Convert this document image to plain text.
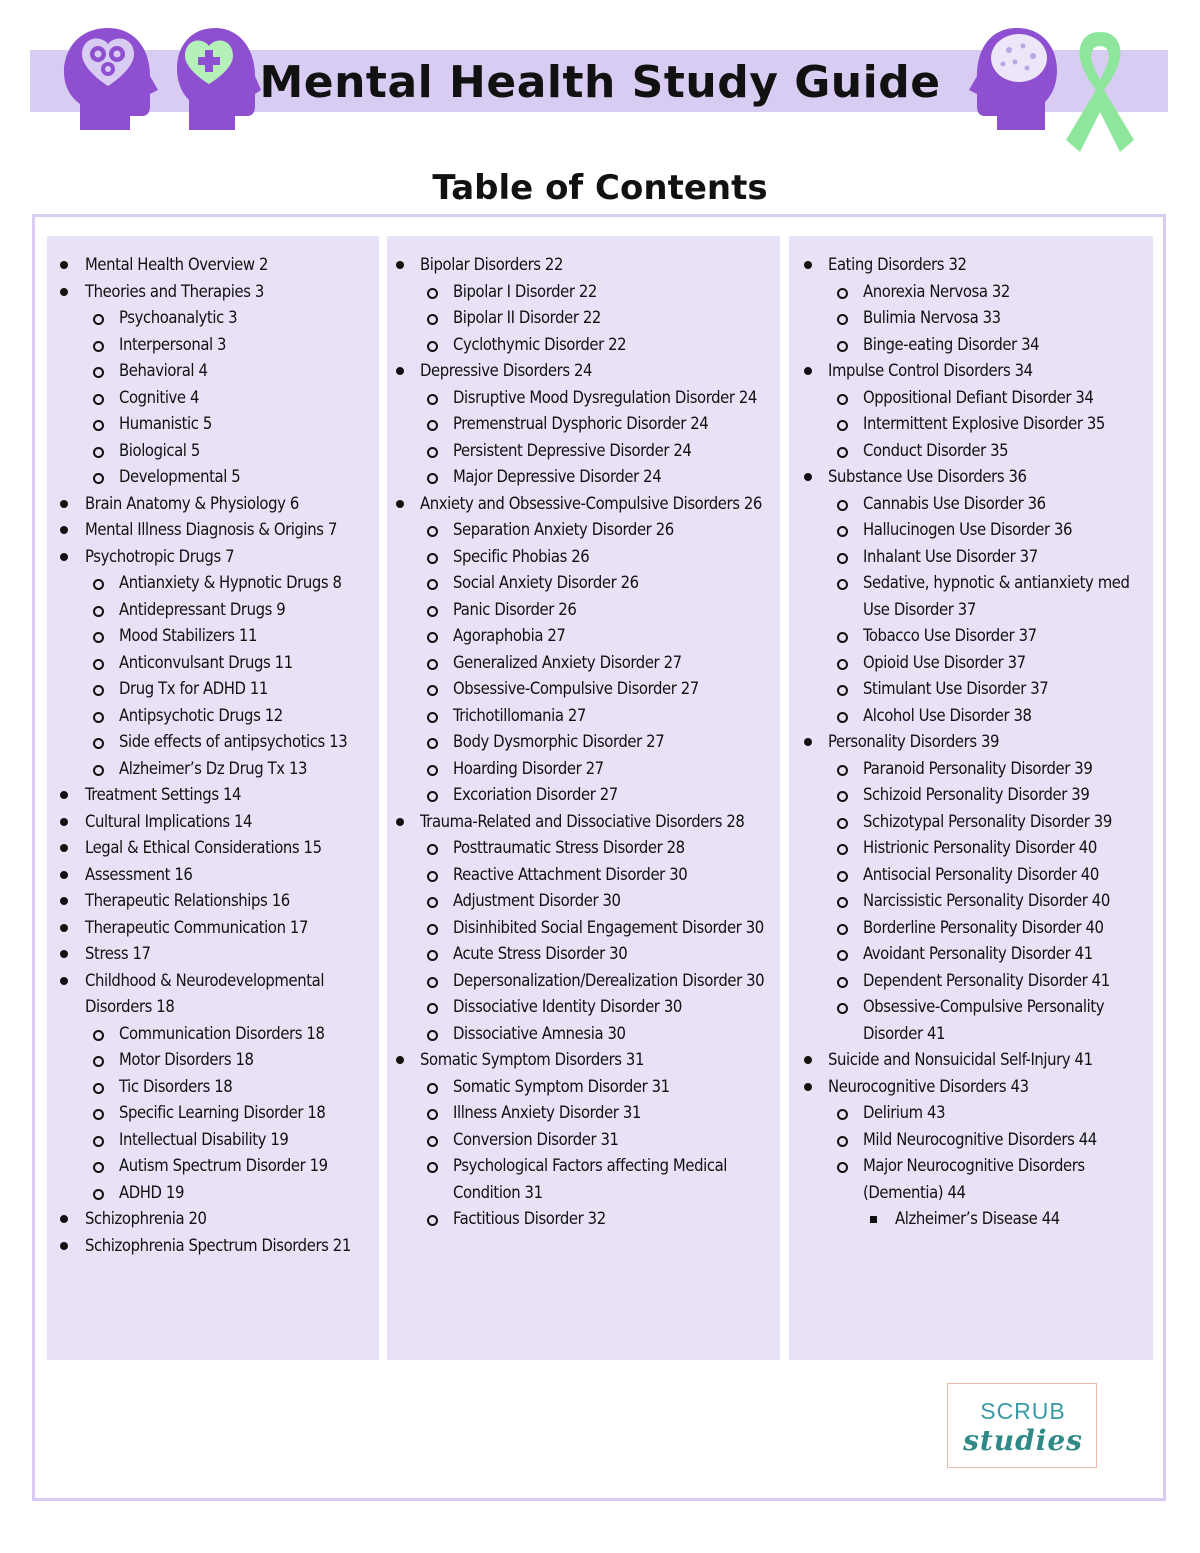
Mental Health Study Guide
Table of Contents
Mental Health Overview 2
Theories and Therapies 3
Psychoanalytic 3
Interpersonal 3
Behavioral 4
Cognitive 4
Humanistic 5
Biological 5
Developmental 5
Brain Anatomy & Physiology 6
Mental Illness Diagnosis & Origins 7
Psychotropic Drugs 7
Antianxiety & Hypnotic Drugs 8
Antidepressant Drugs 9
Mood Stabilizers 11
Anticonvulsant Drugs 11
Drug Tx for ADHD 11
Antipsychotic Drugs 12
Side effects of antipsychotics 13
Alzheimer’s Dz Drug Tx 13
Treatment Settings 14
Cultural Implications 14
Legal & Ethical Considerations 15
Assessment 16
Therapeutic Relationships 16
Therapeutic Communication 17
Stress 17
Childhood & Neurodevelopmental Disorders 18
Communication Disorders 18
Motor Disorders 18
Tic Disorders 18
Specific Learning Disorder 18
Intellectual Disability 19
Autism Spectrum Disorder 19
ADHD 19
Schizophrenia 20
Schizophrenia Spectrum Disorders 21
Bipolar Disorders 22
Bipolar I Disorder 22
Bipolar II Disorder 22
Cyclothymic Disorder 22
Depressive Disorders 24
Disruptive Mood Dysregulation Disorder 24
Premenstrual Dysphoric Disorder 24
Persistent Depressive Disorder 24
Major Depressive Disorder 24
Anxiety and Obsessive-Compulsive Disorders 26
Separation Anxiety Disorder 26
Specific Phobias 26
Social Anxiety Disorder 26
Panic Disorder 26
Agoraphobia 27
Generalized Anxiety Disorder 27
Obsessive-Compulsive Disorder 27
Trichotillomania 27
Body Dysmorphic Disorder 27
Hoarding Disorder 27
Excoriation Disorder 27
Trauma-Related and Dissociative Disorders 28
Posttraumatic Stress Disorder 28
Reactive Attachment Disorder 30
Adjustment Disorder 30
Disinhibited Social Engagement Disorder 30
Acute Stress Disorder 30
Depersonalization/Derealization Disorder 30
Dissociative Identity Disorder 30
Dissociative Amnesia 30
Somatic Symptom Disorders 31
Somatic Symptom Disorder 31
Illness Anxiety Disorder 31
Conversion Disorder 31
Psychological Factors affecting Medical Condition 31
Factitious Disorder 32
Eating Disorders 32
Anorexia Nervosa 32
Bulimia Nervosa 33
Binge-eating Disorder 34
Impulse Control Disorders 34
Oppositional Defiant Disorder 34
Intermittent Explosive Disorder 35
Conduct Disorder 35
Substance Use Disorders 36
Cannabis Use Disorder 36
Hallucinogen Use Disorder 36
Inhalant Use Disorder 37
Sedative, hypnotic & antianxiety med Use Disorder 37
Tobacco Use Disorder 37
Opioid Use Disorder 37
Stimulant Use Disorder 37
Alcohol Use Disorder 38
Personality Disorders 39
Paranoid Personality Disorder 39
Schizoid Personality Disorder 39
Schizotypal Personality Disorder 39
Histrionic Personality Disorder 40
Antisocial Personality Disorder 40
Narcissistic Personality Disorder 40
Borderline Personality Disorder 40
Avoidant Personality Disorder 41
Dependent Personality Disorder 41
Obsessive-Compulsive Personality Disorder 41
Suicide and Nonsuicidal Self-Injury 41
Neurocognitive Disorders 43
Delirium 43
Mild Neurocognitive Disorders 44
Major Neurocognitive Disorders (Dementia) 44
Alzheimer’s Disease 44
SCRUB
studies
